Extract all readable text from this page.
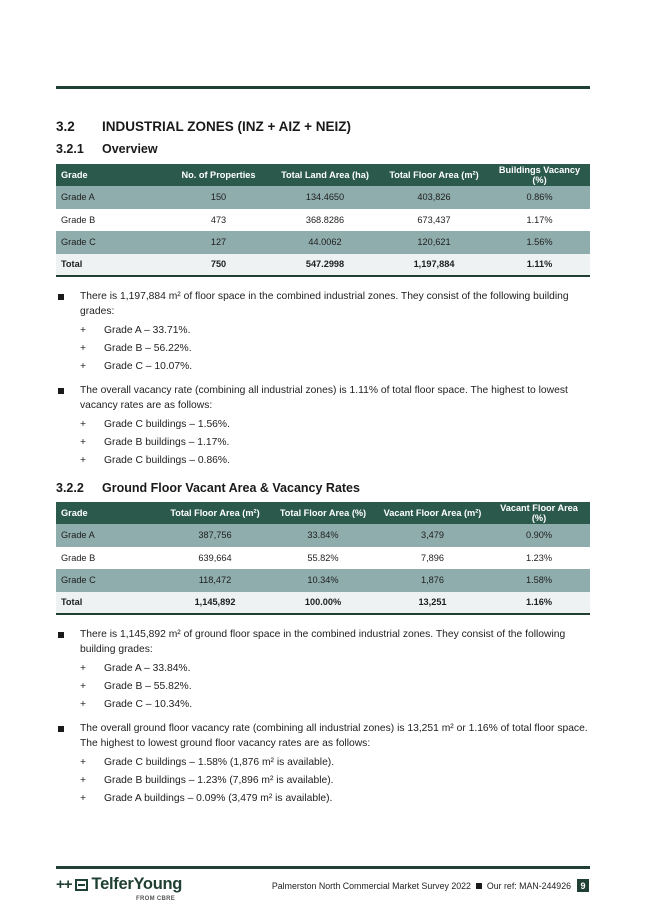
3.2 INDUSTRIAL ZONES (INZ + AIZ + NEIZ)
3.2.1 Overview
Grade	No. of Properties	Total Land Area (ha)	Total Floor Area (m²)	Buildings Vacancy (%)
Grade A	150	134.4650	403,826	0.86%
Grade B	473	368.8286	673,437	1.17%
Grade C	127	44.0062	120,621	1.56%
Total	750	547.2998	1,197,884	1.11%
There is 1,197,884 m² of floor space in the combined industrial zones. They consist of the following building grades:
+ Grade A – 33.71%.
+ Grade B – 56.22%.
+ Grade C – 10.07%.
The overall vacancy rate (combining all industrial zones) is 1.11% of total floor space. The highest to lowest vacancy rates are as follows:
+ Grade C buildings – 1.56%.
+ Grade B buildings – 1.17%.
+ Grade C buildings – 0.86%.
3.2.2 Ground Floor Vacant Area & Vacancy Rates
Grade	Total Floor Area (m²)	Total Floor Area (%)	Vacant Floor Area (m²)	Vacant Floor Area (%)
Grade A	387,756	33.84%	3,479	0.90%
Grade B	639,664	55.82%	7,896	1.23%
Grade C	118,472	10.34%	1,876	1.58%
Total	1,145,892	100.00%	13,251	1.16%
There is 1,145,892 m² of ground floor space in the combined industrial zones. They consist of the following building grades:
+ Grade A – 33.84%.
+ Grade B – 55.82%.
+ Grade C – 10.34%.
The overall ground floor vacancy rate (combining all industrial zones) is 13,251 m² or 1.16% of total floor space. The highest to lowest ground floor vacancy rates are as follows:
+ Grade C buildings – 1.58% (1,876 m² is available).
+ Grade B buildings – 1.23% (7,896 m² is available).
+ Grade A buildings – 0.09% (3,479 m² is available).
++ TelferYoung
FROM CBRE
Palmerston North Commercial Market Survey 2022 Our ref: MAN-244926	9
